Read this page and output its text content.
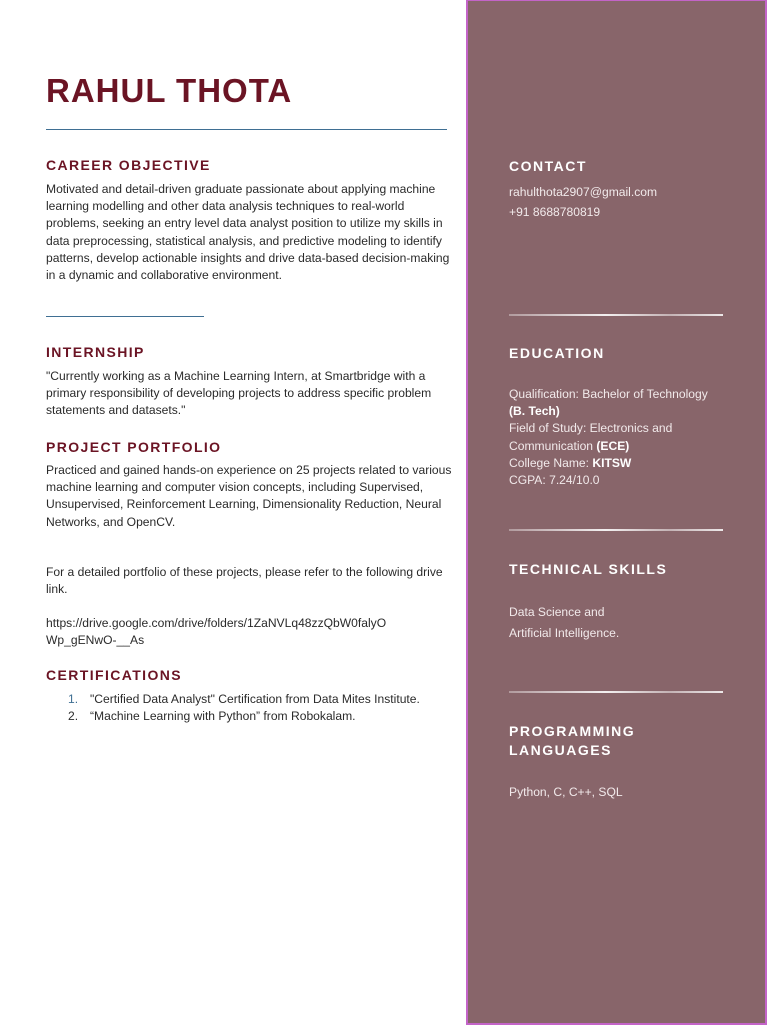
RAHUL THOTA
CAREER OBJECTIVE

Motivated and detail-driven graduate passionate about applying machine learning modelling and other data analysis techniques to real-world problems, seeking an entry level data analyst position to utilize my skills in data preprocessing, statistical analysis, and predictive modeling to identify patterns, develop actionable insights and drive data-based decision-making in a dynamic and collaborative environment.

INTERNSHIP

"Currently working as a Machine Learning Intern, at Smartbridge with a primary responsibility of developing projects to address specific problem statements and datasets."

PROJECT PORTFOLIO

Practiced and gained hands-on experience on 25 projects related to various machine learning and computer vision concepts, including Supervised, Unsupervised, Reinforcement Learning, Dimensionality Reduction, Neural Networks, and OpenCV.

For a detailed portfolio of these projects, please refer to the following drive link.

https://drive.google.com/drive/folders/1ZaNVLq48zzQbW0falyO
Wp_gENwO-__As

CERTIFICATIONS
1. "Certified Data Analyst" Certification from Data Mites Institute.
2. “Machine Learning with Python” from Robokalam.
CONTACT

rahulthota2907@gmail.com
+91 8688780819

EDUCATION

Qualification: Bachelor of Technology (B. Tech)
Field of Study: Electronics and Communication (ECE)
College Name: KITSW
CGPA: 7.24/10.0

TECHNICAL SKILLS

Data Science and
Artificial Intelligence.

PROGRAMMING
LANGUAGES

Python, C, C++, SQL
